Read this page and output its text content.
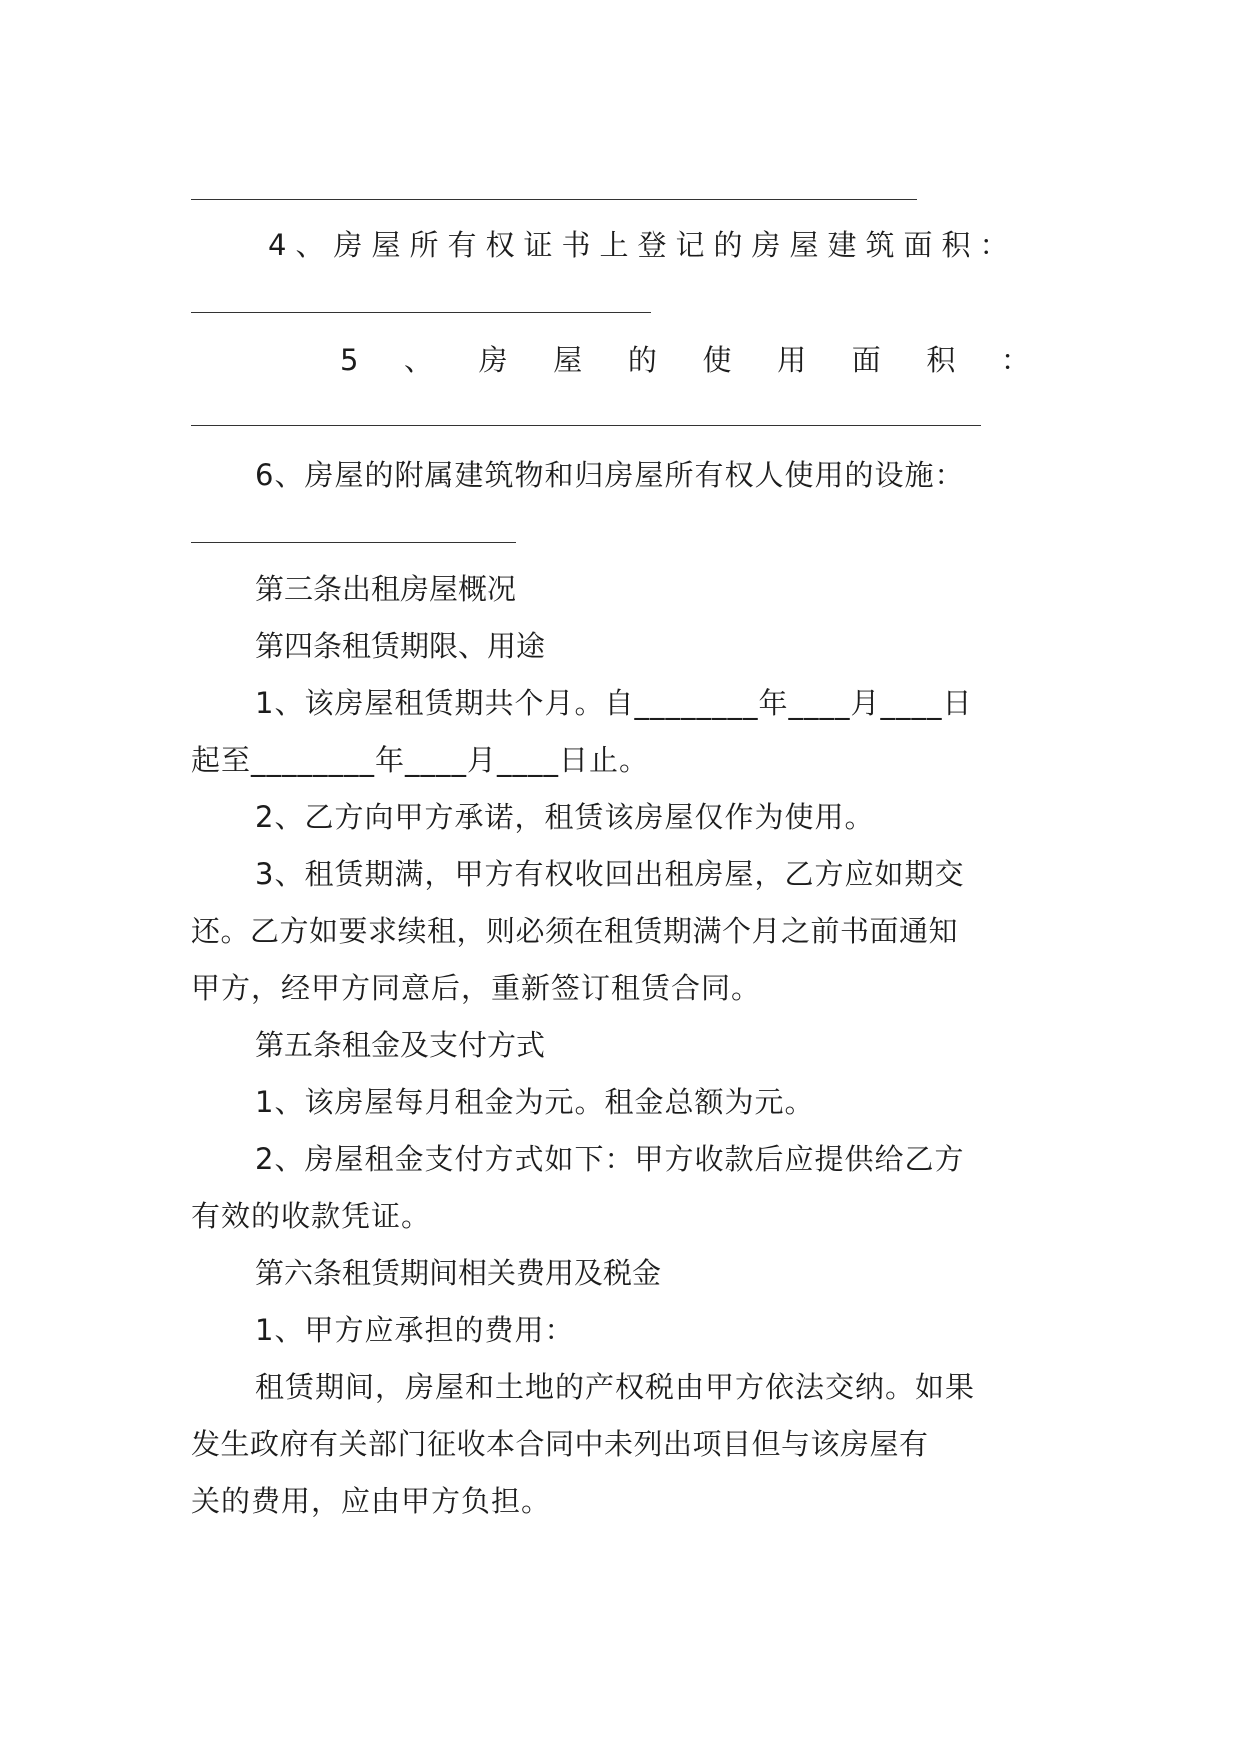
4、房屋所有权证书上登记的房屋建筑面积：
5 、 房 屋 的 使 用 面 积 ：
6、房屋的附属建筑物和归房屋所有权人使用的设施：
第三条出租房屋概况
第四条租赁期限、用途
1、该房屋租赁期共个月。自________年____月____日
起至________年____月____日止。
2、乙方向甲方承诺，租赁该房屋仅作为使用。
3、租赁期满，甲方有权收回出租房屋，乙方应如期交
还。乙方如要求续租，则必须在租赁期满个月之前书面通知
甲方，经甲方同意后，重新签订租赁合同。
第五条租金及支付方式
1、该房屋每月租金为元。租金总额为元。
2、房屋租金支付方式如下：甲方收款后应提供给乙方
有效的收款凭证。
第六条租赁期间相关费用及税金
1、甲方应承担的费用：
租赁期间，房屋和土地的产权税由甲方依法交纳。如果
发生政府有关部门征收本合同中未列出项目但与该房屋有
关的费用，应由甲方负担。
